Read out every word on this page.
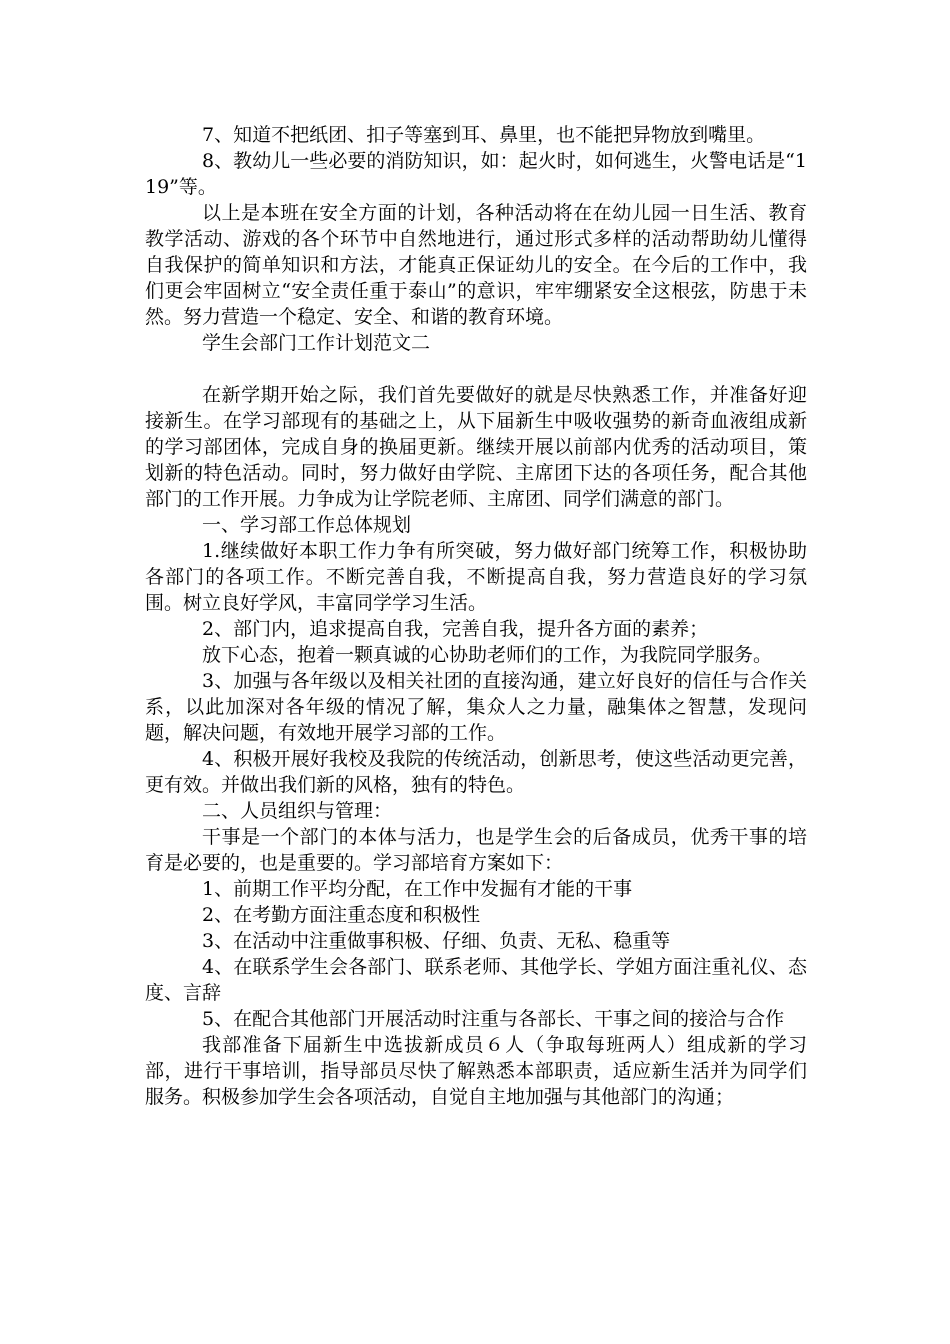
7、知道不把纸团、扣子等塞到耳、鼻里，也不能把异物放到嘴里。

8、教幼儿一些必要的消防知识，如：起火时，如何逃生，火警电话是“119”等。

以上是本班在安全方面的计划，各种活动将在在幼儿园一日生活、教育教学活动、游戏的各个环节中自然地进行，通过形式多样的活动帮助幼儿懂得自我保护的简单知识和方法，才能真正保证幼儿的安全。在今后的工作中，我们更会牢固树立“安全责任重于泰山”的意识，牢牢绷紧安全这根弦，防患于未然。努力营造一个稳定、安全、和谐的教育环境。

学生会部门工作计划范文二

在新学期开始之际，我们首先要做好的就是尽快熟悉工作，并准备好迎接新生。在学习部现有的基础之上，从下届新生中吸收强势的新奇血液组成新的学习部团体，完成自身的换届更新。继续开展以前部内优秀的活动项目，策划新的特色活动。同时，努力做好由学院、主席团下达的各项任务，配合其他部门的工作开展。力争成为让学院老师、主席团、同学们满意的部门。

一、学习部工作总体规划

1.继续做好本职工作力争有所突破，努力做好部门统筹工作，积极协助各部门的各项工作。不断完善自我，不断提高自我，努力营造良好的学习氛围。树立良好学风，丰富同学学习生活。

2、部门内，追求提高自我，完善自我，提升各方面的素养；

放下心态，抱着一颗真诚的心协助老师们的工作，为我院同学服务。

3、加强与各年级以及相关社团的直接沟通，建立好良好的信任与合作关系，以此加深对各年级的情况了解，集众人之力量，融集体之智慧，发现问题，解决问题，有效地开展学习部的工作。

4、积极开展好我校及我院的传统活动，创新思考，使这些活动更完善，更有效。并做出我们新的风格，独有的特色。

二、人员组织与管理：

干事是一个部门的本体与活力，也是学生会的后备成员，优秀干事的培育是必要的，也是重要的。学习部培育方案如下：

1、前期工作平均分配，在工作中发掘有才能的干事

2、在考勤方面注重态度和积极性

3、在活动中注重做事积极、仔细、负责、无私、稳重等

4、在联系学生会各部门、联系老师、其他学长、学姐方面注重礼仪、态度、言辞

5、在配合其他部门开展活动时注重与各部长、干事之间的接洽与合作

我部准备下届新生中选拔新成员６人（争取每班两人）组成新的学习部，进行干事培训，指导部员尽快了解熟悉本部职责，适应新生活并为同学们服务。积极参加学生会各项活动，自觉自主地加强与其他部门的沟通；
